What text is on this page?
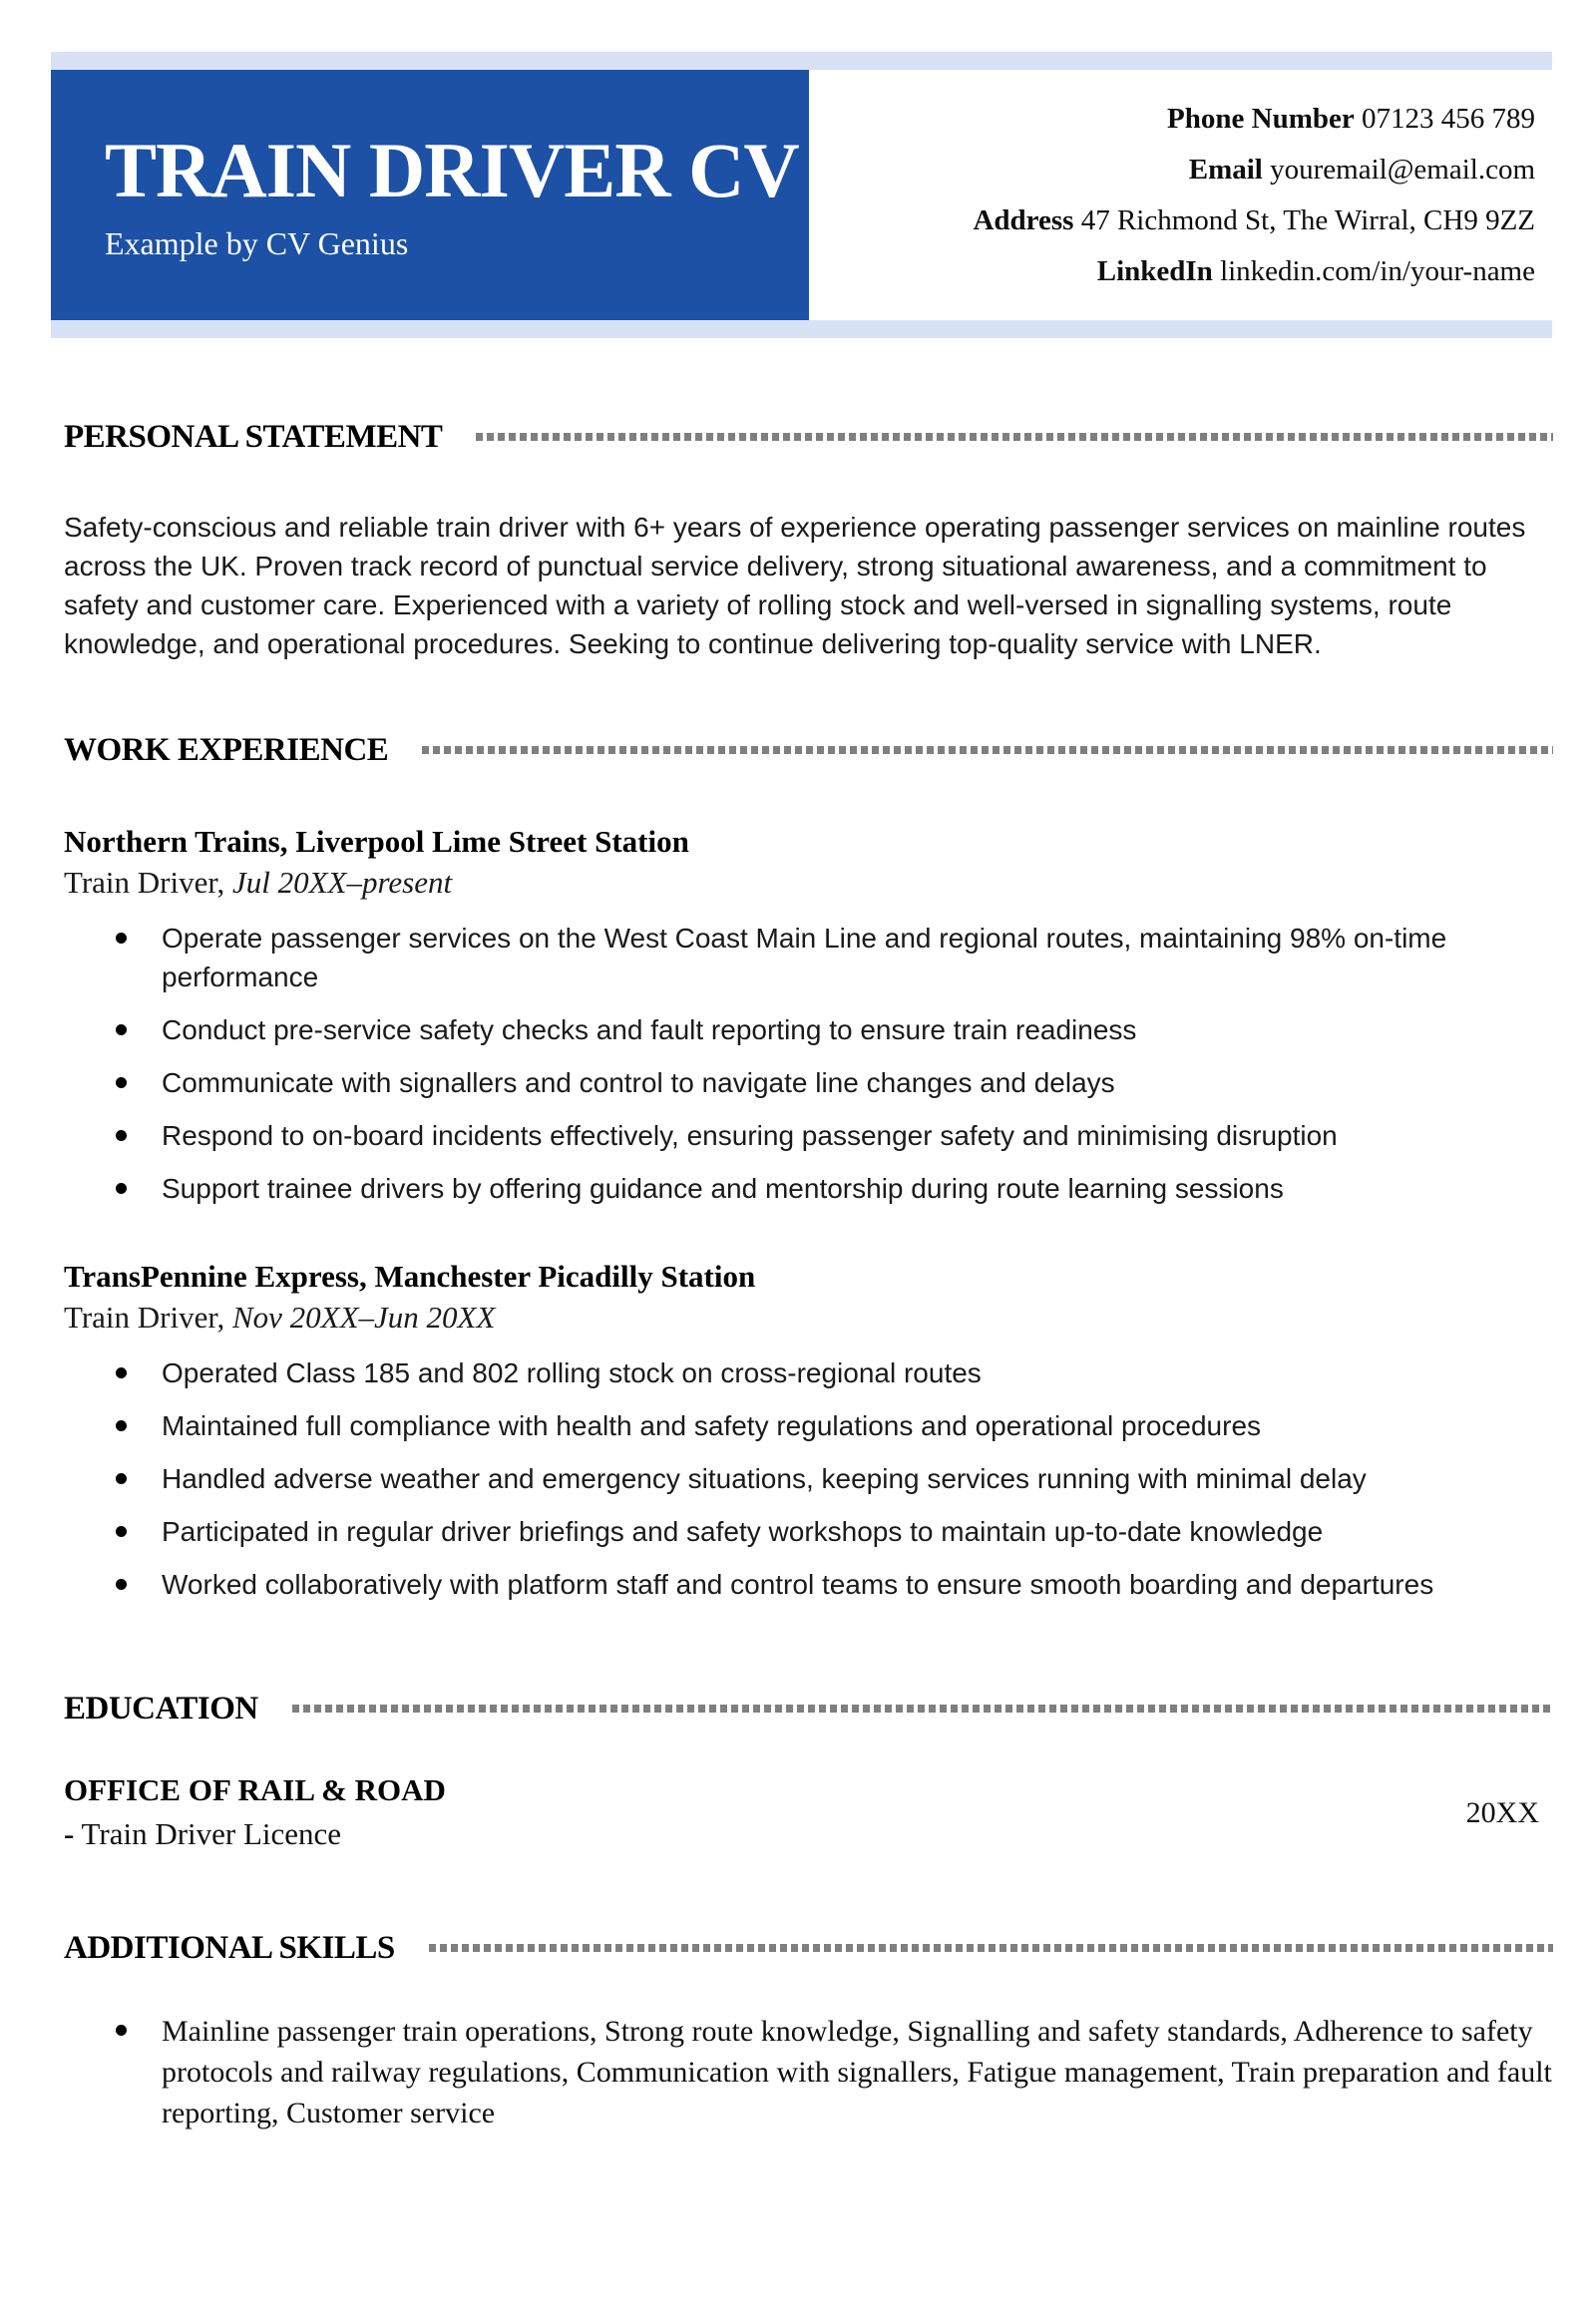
TRAIN DRIVER CV
Example by CV Genius
Phone Number 07123 456 789
Email youremail@email.com
Address 47 Richmond St, The Wirral, CH9 9ZZ
LinkedIn linkedin.com/in/your-name
PERSONAL STATEMENT

Safety-conscious and reliable train driver with 6+ years of experience operating passenger services on mainline routes across the UK. Proven track record of punctual service delivery, strong situational awareness, and a commitment to safety and customer care. Experienced with a variety of rolling stock and well-versed in signalling systems, route knowledge, and operational procedures. Seeking to continue delivering top-quality service with LNER.

WORK EXPERIENCE
Northern Trains, Liverpool Lime Street Station
Train Driver, Jul 20XX–present
Operate passenger services on the West Coast Main Line and regional routes, maintaining 98% on-time performance
Conduct pre-service safety checks and fault reporting to ensure train readiness
Communicate with signallers and control to navigate line changes and delays
Respond to on-board incidents effectively, ensuring passenger safety and minimising disruption
Support trainee drivers by offering guidance and mentorship during route learning sessions
TransPennine Express, Manchester Picadilly Station
Train Driver, Nov 20XX–Jun 20XX
Operated Class 185 and 802 rolling stock on cross-regional routes
Maintained full compliance with health and safety regulations and operational procedures
Handled adverse weather and emergency situations, keeping services running with minimal delay
Participated in regular driver briefings and safety workshops to maintain up-to-date knowledge
Worked collaboratively with platform staff and control teams to ensure smooth boarding and departures
EDUCATION
OFFICE OF RAIL & ROAD
- Train Driver Licence
20XX
ADDITIONAL SKILLS
Mainline passenger train operations, Strong route knowledge, Signalling and safety standards, Adherence to safety protocols and railway regulations, Communication with signallers, Fatigue management, Train preparation and fault reporting, Customer service
